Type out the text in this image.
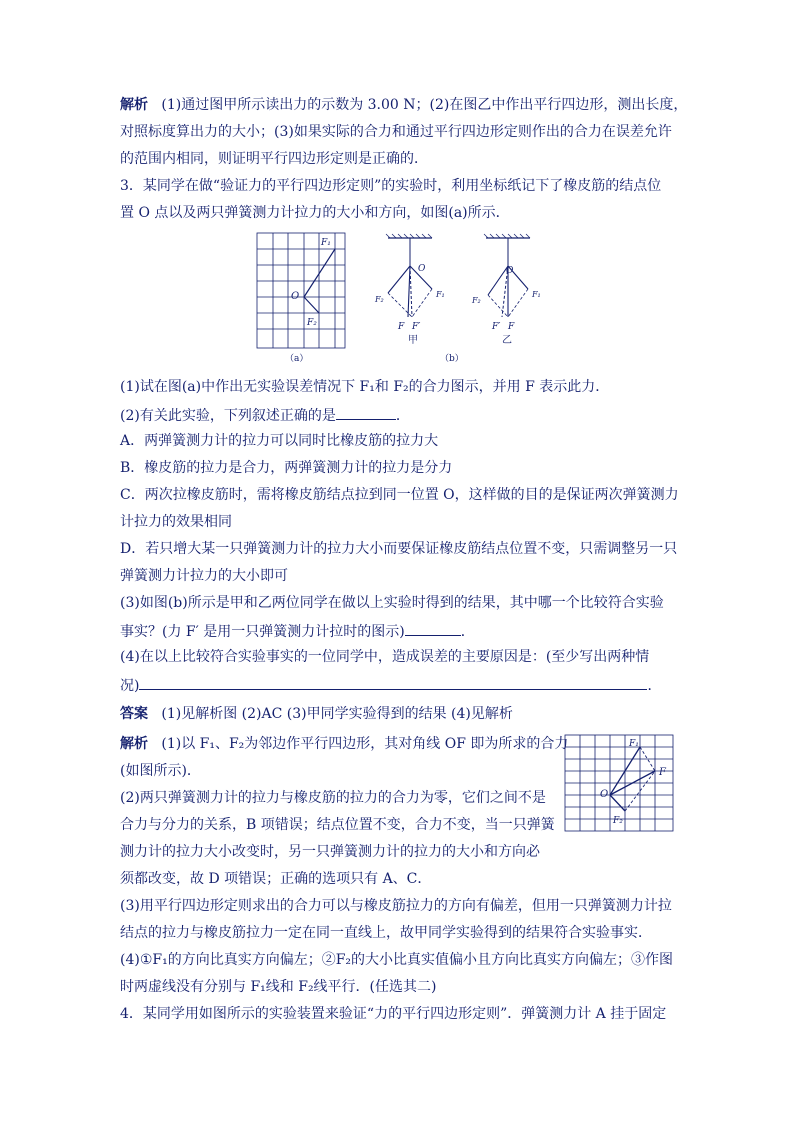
解析 (1)通过图甲所示读出力的示数为 3.00 N；(2)在图乙中作出平行四边形，测出长度，
对照标度算出力的大小；(3)如果实际的合力和通过平行四边形定则作出的合力在误差允许
的范围内相同，则证明平行四边形定则是正确的．
3．某同学在做“验证力的平行四边形定则”的实验时，利用坐标纸记下了橡皮筋的结点位
置 O 点以及两只弹簧测力计拉力的大小和方向，如图(a)所示．
O
F₁
F₂
（a）
O
F₁
F₂
F F′
甲
（b）
O
F₁
F₂
F′ F
乙
(1)试在图(a)中作出无实验误差情况下 F₁和 F₂的合力图示，并用 F 表示此力．
(2)有关此实验，下列叙述正确的是	．
A．两弹簧测力计的拉力可以同时比橡皮筋的拉力大
B．橡皮筋的拉力是合力，两弹簧测力计的拉力是分力
C．两次拉橡皮筋时，需将橡皮筋结点拉到同一位置 O，这样做的目的是保证两次弹簧测力
计拉力的效果相同
D．若只增大某一只弹簧测力计的拉力大小而要保证橡皮筋结点位置不变，只需调整另一只
弹簧测力计拉力的大小即可
(3)如图(b)所示是甲和乙两位同学在做以上实验时得到的结果，其中哪一个比较符合实验
事实？(力 F′ 是用一只弹簧测力计拉时的图示)	．
(4)在以上比较符合实验事实的一位同学中，造成误差的主要原因是：(至少写出两种情
况)	．
答案 (1)见解析图 (2)AC (3)甲同学实验得到的结果 (4)见解析
解析 (1)以 F₁、F₂为邻边作平行四边形，其对角线 OF 即为所求的合力
(如图所示)．
(2)两只弹簧测力计的拉力与橡皮筋的拉力的合力为零，它们之间不是
合力与分力的关系，B 项错误；结点位置不变，合力不变，当一只弹簧
测力计的拉力大小改变时，另一只弹簧测力计的拉力的大小和方向必
须都改变，故 D 项错误；正确的选项只有 A、C．
(3)用平行四边形定则求出的合力可以与橡皮筋拉力的方向有偏差，但用一只弹簧测力计拉
结点的拉力与橡皮筋拉力一定在同一直线上，故甲同学实验得到的结果符合实验事实．
(4)①F₁的方向比真实方向偏左；②F₂的大小比真实值偏小且方向比真实方向偏左；③作图
时两虚线没有分别与 F₁线和 F₂线平行．(任选其二)
4．某同学用如图所示的实验装置来验证“力的平行四边形定则”．弹簧测力计 A 挂于固定
O
F₁
F
F₂
